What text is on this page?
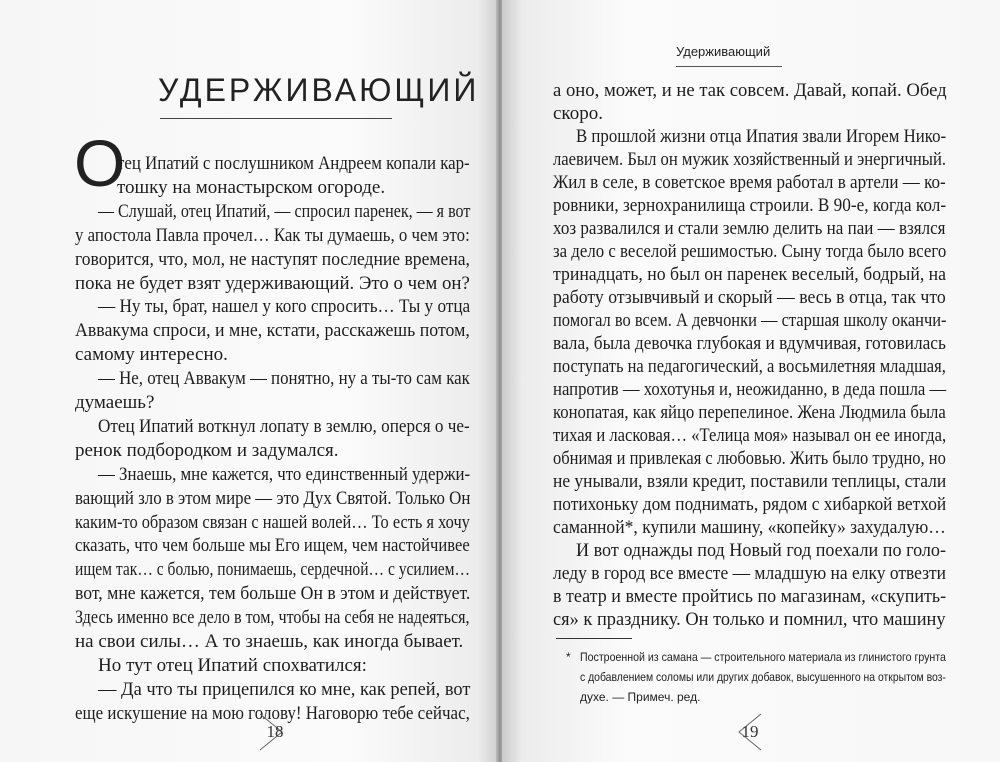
УДЕРЖИВАЮЩИЙ
О
тец Ипатий с послушником Андреем копали кар-
тошку на монастырском огороде.
— Слушай, отец Ипатий, — спросил паренек, — я вот
у апостола Павла прочел… Как ты думаешь, о чем это:
говорится, что, мол, не наступят последние времена,
пока не будет взят удерживающий. Это о чем он?
— Ну ты, брат, нашел у кого спросить… Ты у отца
Аввакума спроси, и мне, кстати, расскажешь потом,
самому интересно.
— Не, отец Аввакум — понятно, ну а ты-то сам как
думаешь?
Отец Ипатий воткнул лопату в землю, оперся о че-
ренок подбородком и задумался.
— Знаешь, мне кажется, что единственный удержи-
вающий зло в этом мире — это Дух Святой. Только Он
каким-то образом связан с нашей волей… То есть я хочу
сказать, что чем больше мы Его ищем, чем настойчивее
ищем так… с болью, понимаешь, сердечной… с усилием…
вот, мне кажется, тем больше Он в этом и действует.
Здесь именно все дело в том, чтобы на себя не надеяться,
на свои силы… А то знаешь, как иногда бывает.
Но тут отец Ипатий спохватился:
— Да что ты прицепился ко мне, как репей, вот
еще искушение на мою голову! Наговорю тебе сейчас,
18
Удерживающий
а оно, может, и не так совсем. Давай, копай. Обед
скоро.
В прошлой жизни отца Ипатия звали Игорем Нико-
лаевичем. Был он мужик хозяйственный и энергичный.
Жил в селе, в советское время работал в артели — ко-
ровники, зернохранилища строили. В 90-е, когда кол-
хоз развалился и стали землю делить на паи — взялся
за дело с веселой решимостью. Сыну тогда было всего
тринадцать, но был он паренек веселый, бодрый, на
работу отзывчивый и скорый — весь в отца, так что
помогал во всем. А девчонки — старшая школу оканчи-
вала, была девочка глубокая и вдумчивая, готовилась
поступать на педагогический, а восьмилетняя младшая,
напротив — хохотунья и, неожиданно, в деда пошла —
конопатая, как яйцо перепелиное. Жена Людмила была
тихая и ласковая… «Телица моя» называл он ее иногда,
обнимая и привлекая с любовью. Жить было трудно, но
не унывали, взяли кредит, поставили теплицы, стали
потихоньку дом поднимать, рядом с хибаркой ветхой
саманной*, купили машину, «копейку» захудалую…
И вот однажды под Новый год поехали по голо-
леду в город все вместе — младшую на елку отвезти
в театр и вместе пройтись по магазинам, «скупить-
ся» к празднику. Он только и помнил, что машину
* Построенной из самана — строительного материала из глинистого грунта
с добавлением соломы или других добавок, высушенного на открытом воз-
духе. — Примеч. ред.
19
